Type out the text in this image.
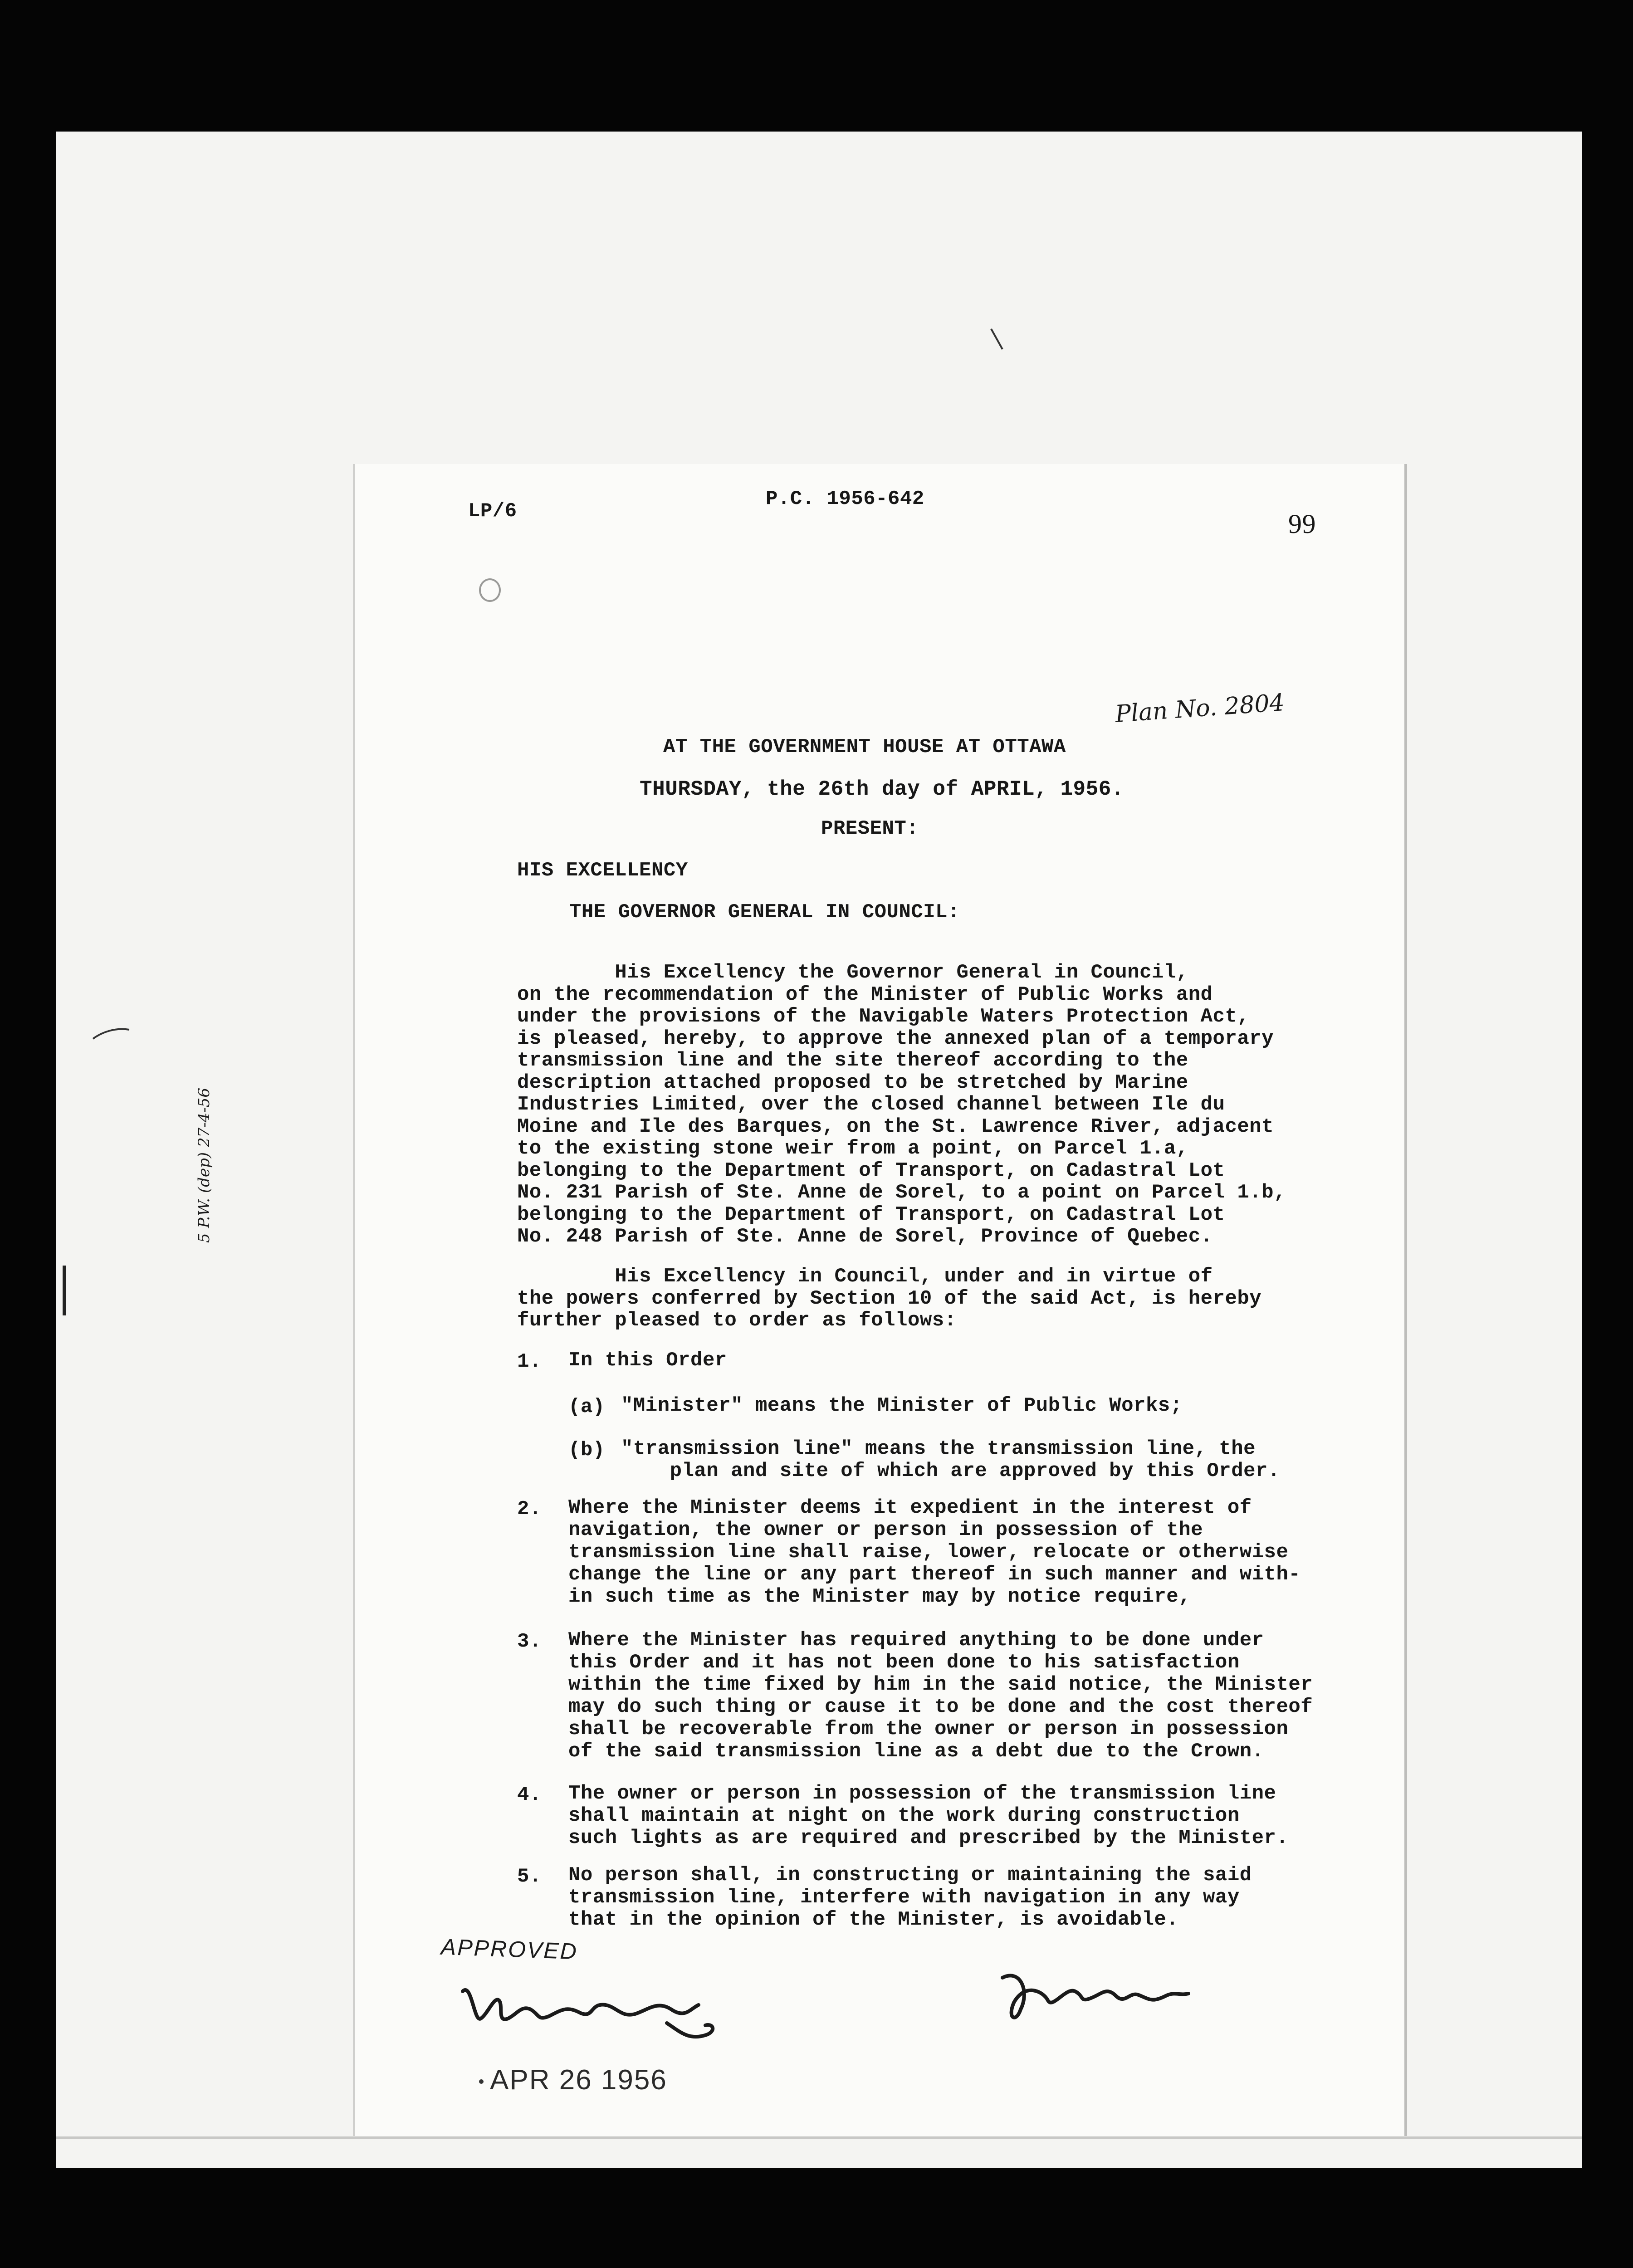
LP/6
P.C. 1956-642
99
Plan No. 2804
AT THE GOVERNMENT HOUSE AT OTTAWA
THURSDAY, the 26th day of APRIL, 1956.
PRESENT:
HIS EXCELLENCY
THE GOVERNOR GENERAL IN COUNCIL:
His Excellency the Governor General in Council,
on the recommendation of the Minister of Public Works and
under the provisions of the Navigable Waters Protection Act,
is pleased, hereby, to approve the annexed plan of a temporary
transmission line and the site thereof according to the
description attached proposed to be stretched by Marine
Industries Limited, over the closed channel between Ile du
Moine and Ile des Barques, on the St. Lawrence River, adjacent
to the existing stone weir from a point, on Parcel 1.a,
belonging to the Department of Transport, on Cadastral Lot
No. 231 Parish of Ste. Anne de Sorel, to a point on Parcel 1.b,
belonging to the Department of Transport, on Cadastral Lot
No. 248 Parish of Ste. Anne de Sorel, Province of Quebec.
His Excellency in Council, under and in virtue of
the powers conferred by Section 10 of the said Act, is hereby
further pleased to order as follows:
1. In this Order
(a) "Minister" means the Minister of Public Works;
(b) "transmission line" means the transmission line, the
plan and site of which are approved by this Order.
2. Where the Minister deems it expedient in the interest of
navigation, the owner or person in possession of the
transmission line shall raise, lower, relocate or otherwise
change the line or any part thereof in such manner and with-
in such time as the Minister may by notice require,
3. Where the Minister has required anything to be done under
this Order and it has not been done to his satisfaction
within the time fixed by him in the said notice, the Minister
may do such thing or cause it to be done and the cost thereof
shall be recoverable from the owner or person in possession
of the said transmission line as a debt due to the Crown.
4. The owner or person in possession of the transmission line
shall maintain at night on the work during construction
such lights as are required and prescribed by the Minister.
5. No person shall, in constructing or maintaining the said
transmission line, interfere with navigation in any way
that in the opinion of the Minister, is avoidable.
5 P.W. (dep) 27-4-56
APPROVED
APR 26 1956
